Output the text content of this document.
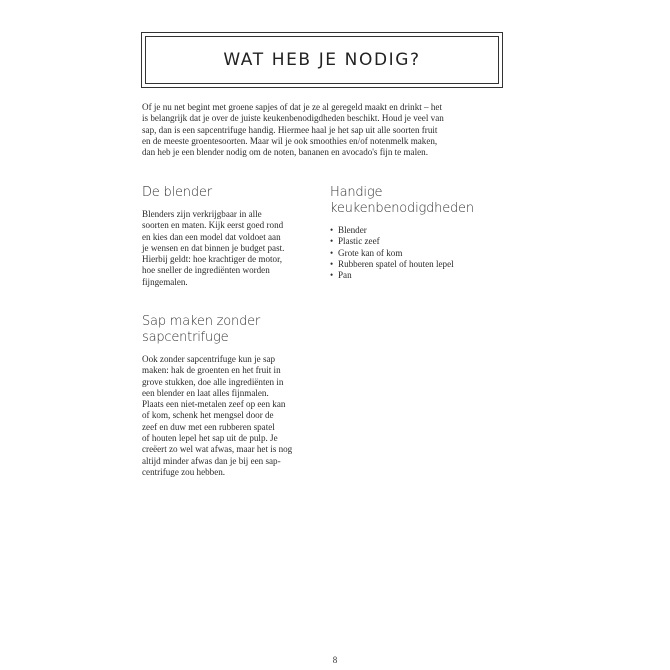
WAT HEB JE NODIG?

Of je nu net begint met groene sapjes of dat je ze al geregeld maakt en drinkt – het
is belangrijk dat je over de juiste keukenbenodigdheden beschikt. Houd je veel van
sap, dan is een sapcentrifuge handig. Hiermee haal je het sap uit alle soorten fruit
en de meeste groentesoorten. Maar wil je ook smoothies en/of notenmelk maken,
dan heb je een blender nodig om de noten, bananen en avocado's fijn te malen.

De blender

Blenders zijn verkrijgbaar in alle
soorten en maten. Kijk eerst goed rond
en kies dan een model dat voldoet aan
je wensen en dat binnen je budget past.
Hierbij geldt: hoe krachtiger de motor,
hoe sneller de ingrediënten worden
fijngemalen.

Sap maken zonder
sapcentrifuge

Ook zonder sapcentrifuge kun je sap
maken: hak de groenten en het fruit in
grove stukken, doe alle ingrediënten in
een blender en laat alles fijnmalen.
Plaats een niet-metalen zeef op een kan
of kom, schenk het mengsel door de
zeef en duw met een rubberen spatel
of houten lepel het sap uit de pulp. Je
creëert zo wel wat afwas, maar het is nog
altijd minder afwas dan je bij een sap-
centrifuge zou hebben.

Handige
keukenbenodigdheden
• Blender
• Plastic zeef
• Grote kan of kom
• Rubberen spatel of houten lepel
• Pan
8
